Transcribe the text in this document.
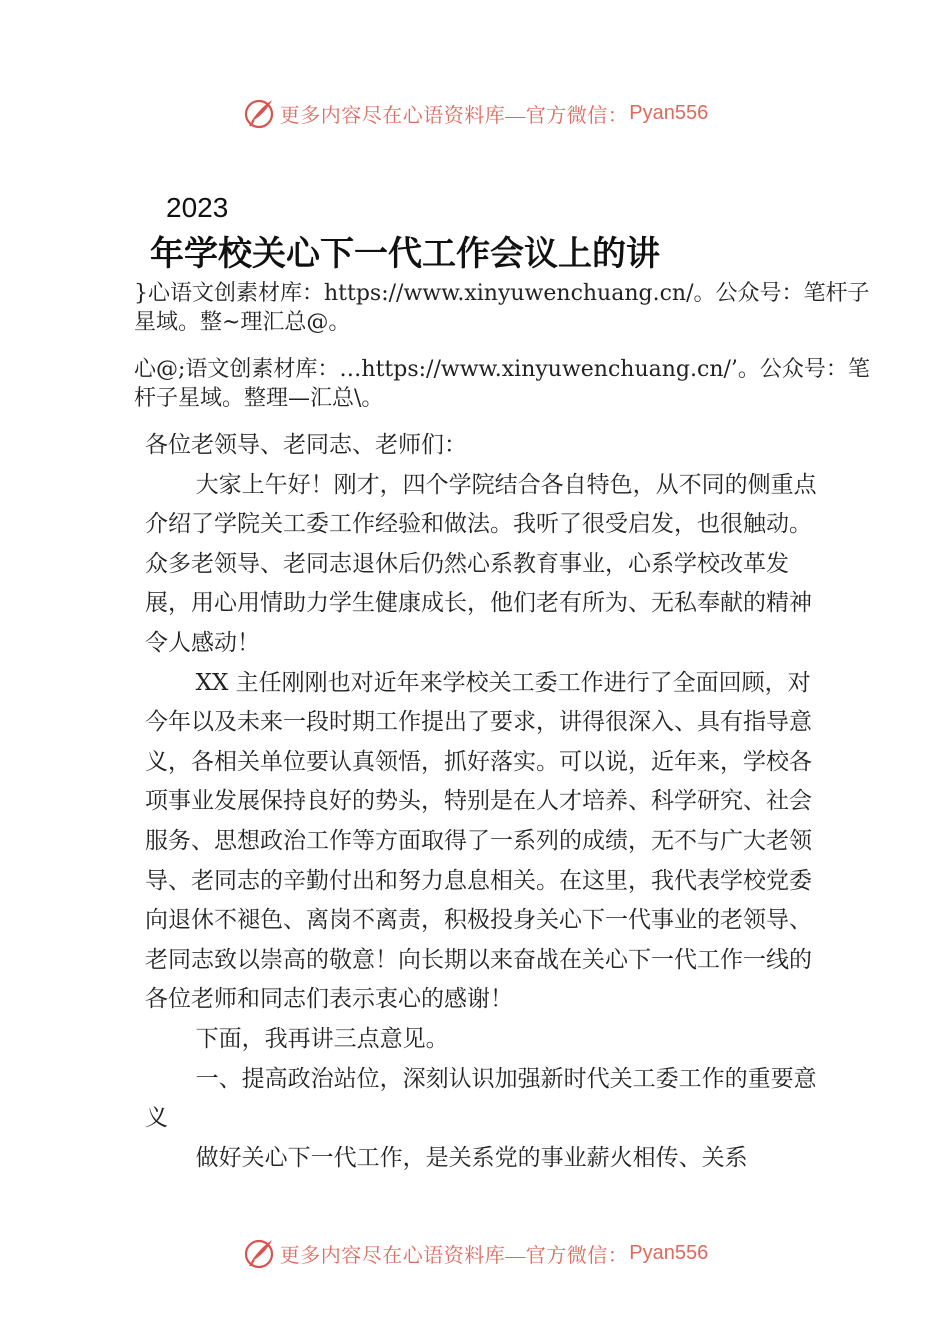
更多内容尽在心语资料库—官方微信： Pyan556
2023
年学校关心下一代工作会议上的讲
}心语文创素材库：https://www.xinyuwenchuang.cn/。公众号：笔杆子星域。整~理汇总@。
心@;语文创素材库：…https://www.xinyuwenchuang.cn/’。公众号：笔杆子星域。整理—汇总\。

各位老领导、老同志、老师们：

大家上午好！刚才，四个学院结合各自特色，从不同的侧重点介绍了学院关工委工作经验和做法。我听了很受启发，也很触动。众多老领导、老同志退休后仍然心系教育事业，心系学校改革发展，用心用情助力学生健康成长，他们老有所为、无私奉献的精神令人感动！

XX 主任刚刚也对近年来学校关工委工作进行了全面回顾，对今年以及未来一段时期工作提出了要求，讲得很深入、具有指导意义，各相关单位要认真领悟，抓好落实。可以说，近年来，学校各项事业发展保持良好的势头，特别是在人才培养、科学研究、社会服务、思想政治工作等方面取得了一系列的成绩，无不与广大老领导、老同志的辛勤付出和努力息息相关。在这里，我代表学校党委向退休不褪色、离岗不离责，积极投身关心下一代事业的老领导、老同志致以崇高的敬意！向长期以来奋战在关心下一代工作一线的各位老师和同志们表示衷心的感谢！

下面，我再讲三点意见。

一、提高政治站位，深刻认识加强新时代关工委工作的重要意义

做好关心下一代工作，是关系党的事业薪火相传、关系

更多内容尽在心语资料库—官方微信： Pyan556
